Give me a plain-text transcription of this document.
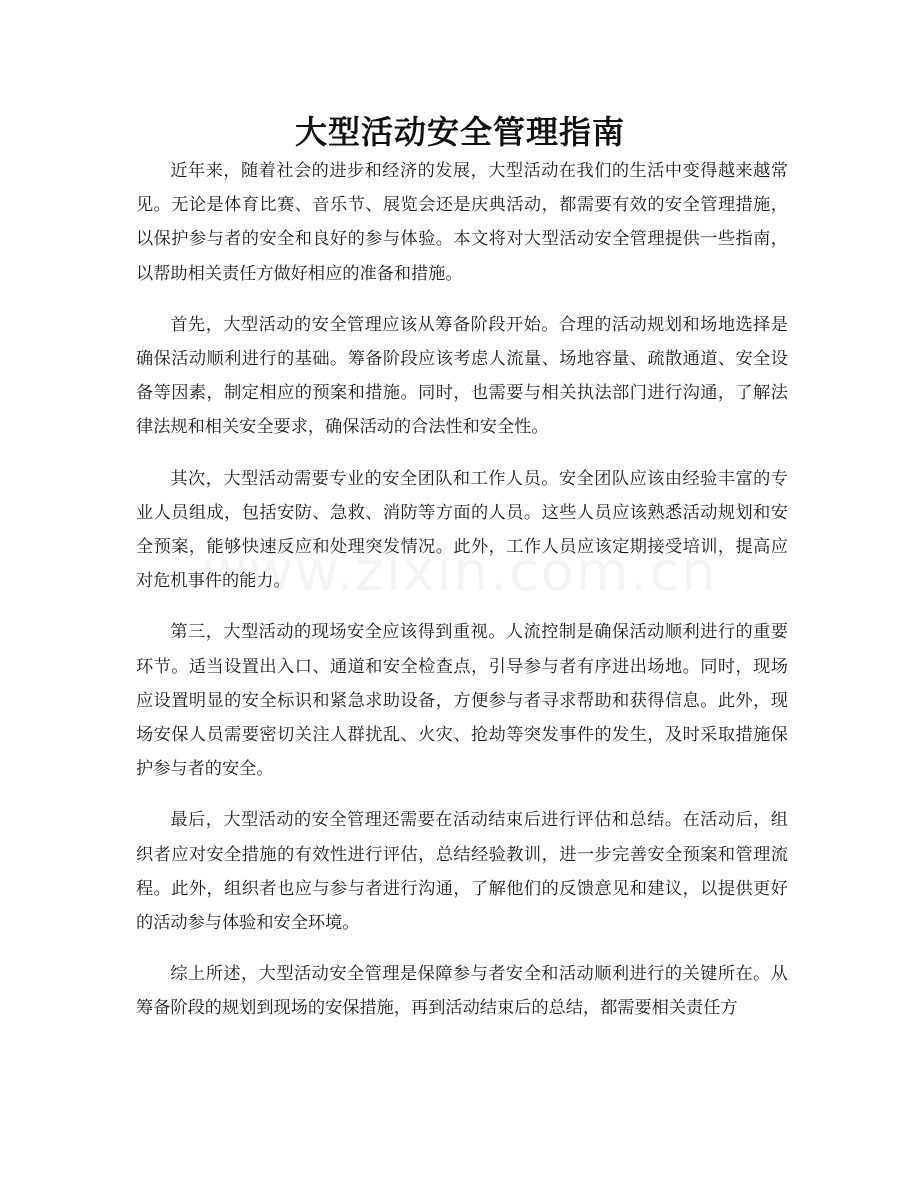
大型活动安全管理指南

近年来，随着社会的进步和经济的发展，大型活动在我们的生活中变得越来越常见。无论是体育比赛、音乐节、展览会还是庆典活动，都需要有效的安全管理措施，以保护参与者的安全和良好的参与体验。本文将对大型活动安全管理提供一些指南，以帮助相关责任方做好相应的准备和措施。

首先，大型活动的安全管理应该从筹备阶段开始。合理的活动规划和场地选择是确保活动顺利进行的基础。筹备阶段应该考虑人流量、场地容量、疏散通道、安全设备等因素，制定相应的预案和措施。同时，也需要与相关执法部门进行沟通，了解法律法规和相关安全要求，确保活动的合法性和安全性。

其次，大型活动需要专业的安全团队和工作人员。安全团队应该由经验丰富的专业人员组成，包括安防、急救、消防等方面的人员。这些人员应该熟悉活动规划和安全预案，能够快速反应和处理突发情况。此外，工作人员应该定期接受培训，提高应对危机事件的能力。

第三，大型活动的现场安全应该得到重视。人流控制是确保活动顺利进行的重要环节。适当设置出入口、通道和安全检查点，引导参与者有序进出场地。同时，现场应设置明显的安全标识和紧急求助设备，方便参与者寻求帮助和获得信息。此外，现场安保人员需要密切关注人群扰乱、火灾、抢劫等突发事件的发生，及时采取措施保护参与者的安全。

最后，大型活动的安全管理还需要在活动结束后进行评估和总结。在活动后，组织者应对安全措施的有效性进行评估，总结经验教训，进一步完善安全预案和管理流程。此外，组织者也应与参与者进行沟通，了解他们的反馈意见和建议，以提供更好的活动参与体验和安全环境。

综上所述，大型活动安全管理是保障参与者安全和活动顺利进行的关键所在。从筹备阶段的规划到现场的安保措施，再到活动结束后的总结，都需要相关责任方
